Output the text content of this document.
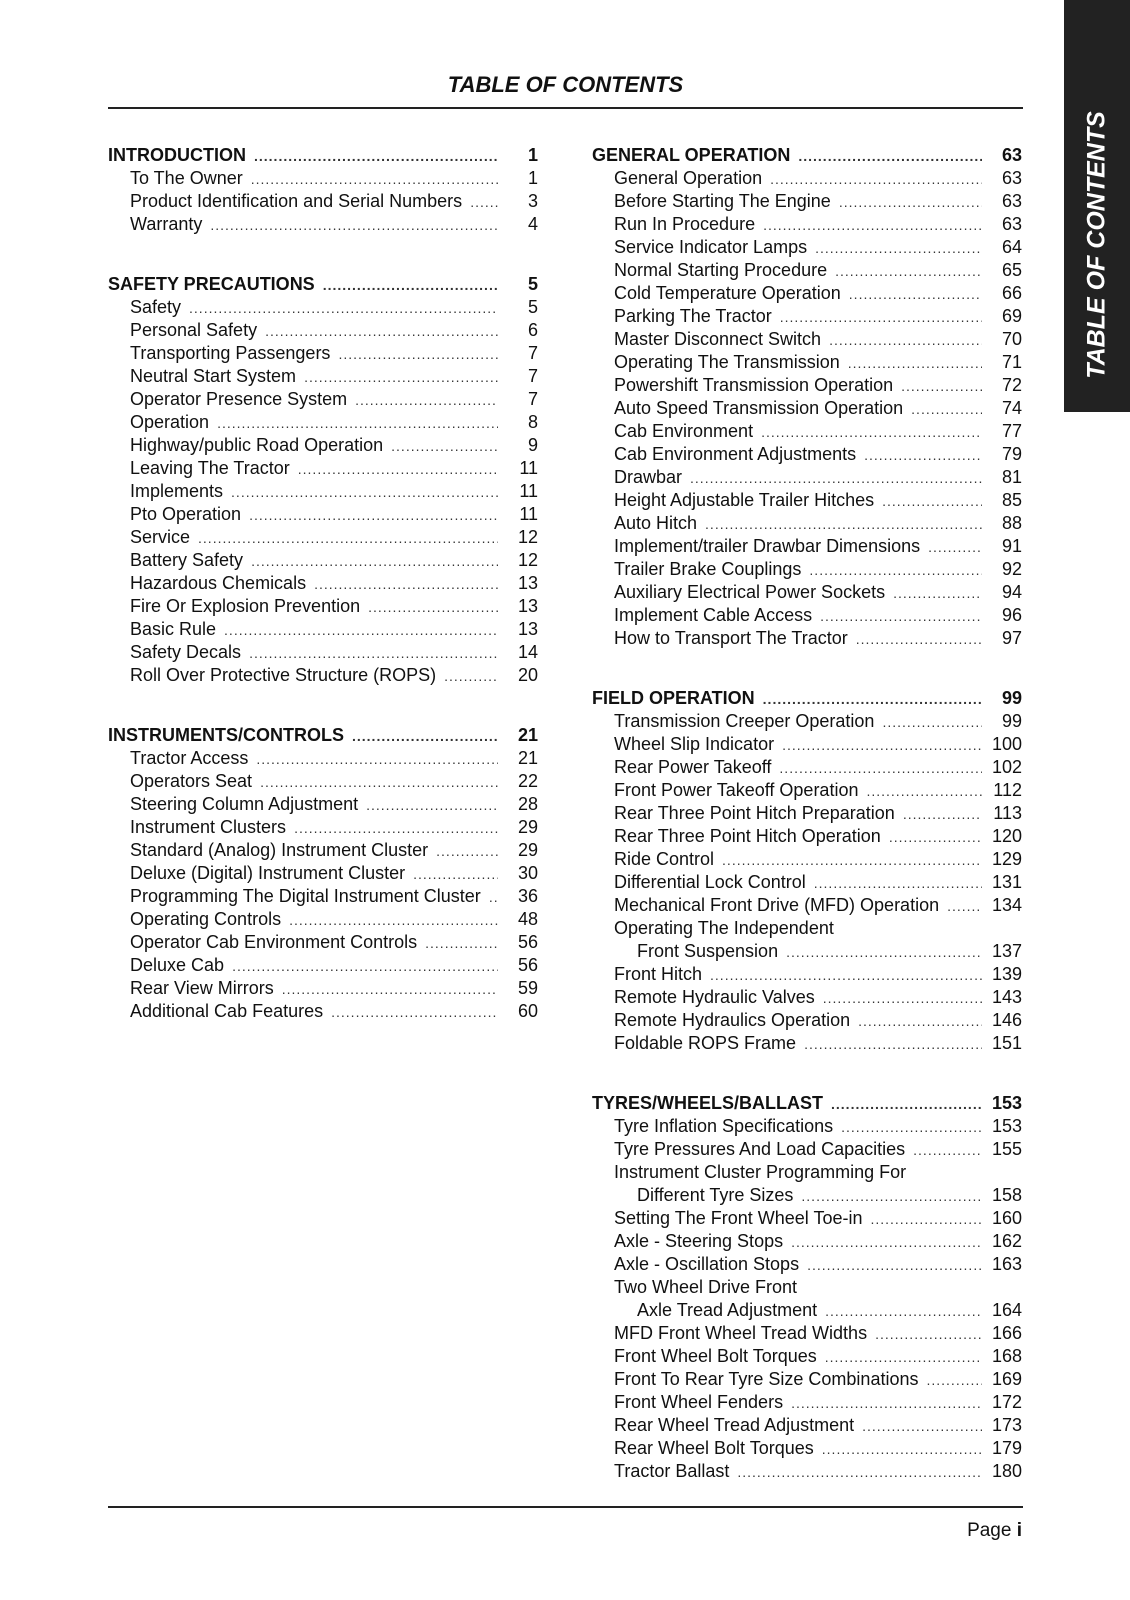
TABLE OF CONTENTS
TABLE OF CONTENTS
INTRODUCTION .....	1
To The Owner .....	1
Product Identification and Serial Numbers .....	3
Warranty .....	4
SAFETY PRECAUTIONS .....	5
Safety .....	5
Personal Safety .....	6
Transporting Passengers .....	7
Neutral Start System .....	7
Operator Presence System .....	7
Operation .....	8
Highway/public Road Operation .....	9
Leaving The Tractor .....	11
Implements .....	11
Pto Operation .....	11
Service .....	12
Battery Safety .....	12
Hazardous Chemicals .....	13
Fire Or Explosion Prevention .....	13
Basic Rule .....	13
Safety Decals .....	14
Roll Over Protective Structure (ROPS) .....	20
INSTRUMENTS/CONTROLS .....	21
Tractor Access .....	21
Operators Seat .....	22
Steering Column Adjustment .....	28
Instrument Clusters .....	29
Standard (Analog) Instrument Cluster .....	29
Deluxe (Digital) Instrument Cluster .....	30
Programming The Digital Instrument Cluster .....	36
Operating Controls .....	48
Operator Cab Environment Controls .....	56
Deluxe Cab .....	56
Rear View Mirrors .....	59
Additional Cab Features .....	60
GENERAL OPERATION .....	63
General Operation .....	63
Before Starting The Engine .....	63
Run In Procedure .....	63
Service Indicator Lamps .....	64
Normal Starting Procedure .....	65
Cold Temperature Operation .....	66
Parking The Tractor .....	69
Master Disconnect Switch .....	70
Operating The Transmission .....	71
Powershift Transmission Operation .....	72
Auto Speed Transmission Operation .....	74
Cab Environment .....	77
Cab Environment Adjustments .....	79
Drawbar .....	81
Height Adjustable Trailer Hitches .....	85
Auto Hitch .....	88
Implement/trailer Drawbar Dimensions .....	91
Trailer Brake Couplings .....	92
Auxiliary Electrical Power Sockets .....	94
Implement Cable Access .....	96
How to Transport The Tractor .....	97
FIELD OPERATION .....	99
Transmission Creeper Operation .....	99
Wheel Slip Indicator .....	100
Rear Power Takeoff .....	102
Front Power Takeoff Operation .....	112
Rear Three Point Hitch Preparation .....	113
Rear Three Point Hitch Operation .....	120
Ride Control .....	129
Differential Lock Control .....	131
Mechanical Front Drive (MFD) Operation .....	134
Operating The Independent
Front Suspension .....	137
Front Hitch .....	139
Remote Hydraulic Valves .....	143
Remote Hydraulics Operation .....	146
Foldable ROPS Frame .....	151
TYRES/WHEELS/BALLAST .....	153
Tyre Inflation Specifications .....	153
Tyre Pressures And Load Capacities .....	155
Instrument Cluster Programming For
Different Tyre Sizes .....	158
Setting The Front Wheel Toe-in .....	160
Axle - Steering Stops .....	162
Axle - Oscillation Stops .....	163
Two Wheel Drive Front
Axle Tread Adjustment .....	164
MFD Front Wheel Tread Widths .....	166
Front Wheel Bolt Torques .....	168
Front To Rear Tyre Size Combinations .....	169
Front Wheel Fenders .....	172
Rear Wheel Tread Adjustment .....	173
Rear Wheel Bolt Torques .....	179
Tractor Ballast .....	180
Page i
